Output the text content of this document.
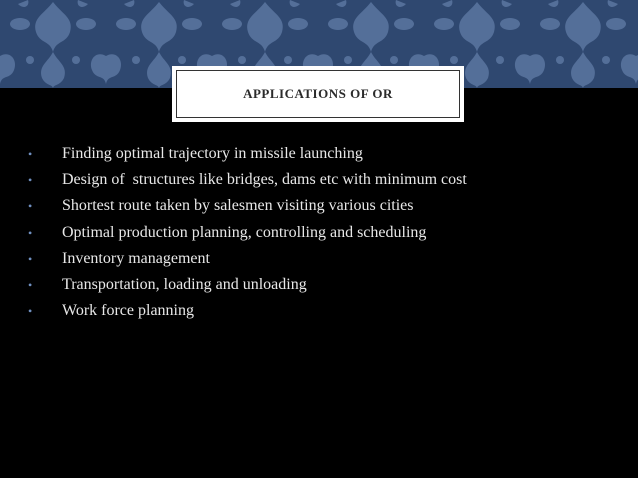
APPLICATIONS OF OR
•	Finding optimal trajectory in missile launching
•	Design of  structures like bridges, dams etc with minimum cost
•	Shortest route taken by salesmen visiting various cities
•	Optimal production planning, controlling and scheduling
•	Inventory management
•	Transportation, loading and unloading
•	Work force planning
